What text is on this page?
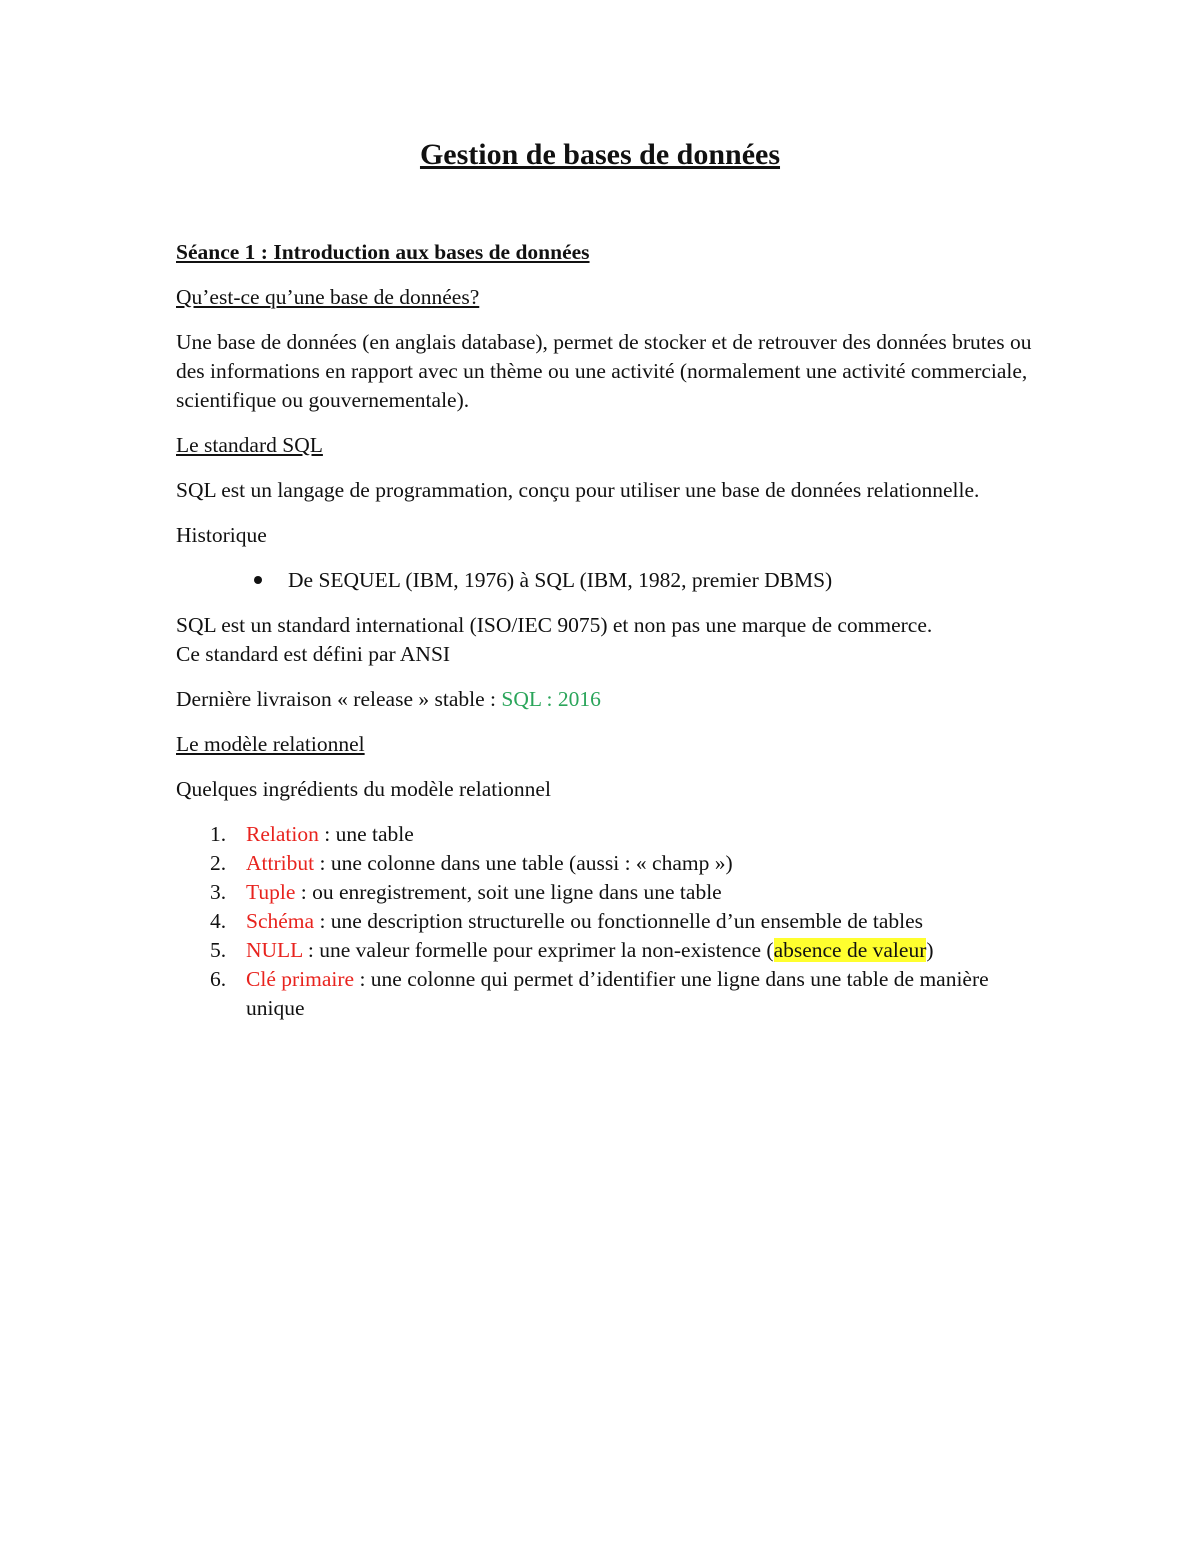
Gestion de bases de données

Séance 1 : Introduction aux bases de données

Qu’est-ce qu’une base de données?

Une base de données (en anglais database), permet de stocker et de retrouver des données brutes ou des informations en rapport avec un thème ou une activité (normalement une activité commerciale, scientifique ou gouvernementale).

Le standard SQL

SQL est un langage de programmation, conçu pour utiliser une base de données relationnelle.

Historique

De SEQUEL (IBM, 1976) à SQL (IBM, 1982, premier DBMS)

SQL est un standard international (ISO/IEC 9075) et non pas une marque de commerce.

Ce standard est défini par ANSI

Dernière livraison « release » stable : SQL : 2016

Le modèle relationnel

Quelques ingrédients du modèle relationnel

1. Relation : une table
2. Attribut : une colonne dans une table (aussi : « champ »)
3. Tuple : ou enregistrement, soit une ligne dans une table
4. Schéma : une description structurelle ou fonctionnelle d’un ensemble de tables
5. NULL : une valeur formelle pour exprimer la non-existence (absence de valeur)
6. Clé primaire : une colonne qui permet d’identifier une ligne dans une table de manière unique
